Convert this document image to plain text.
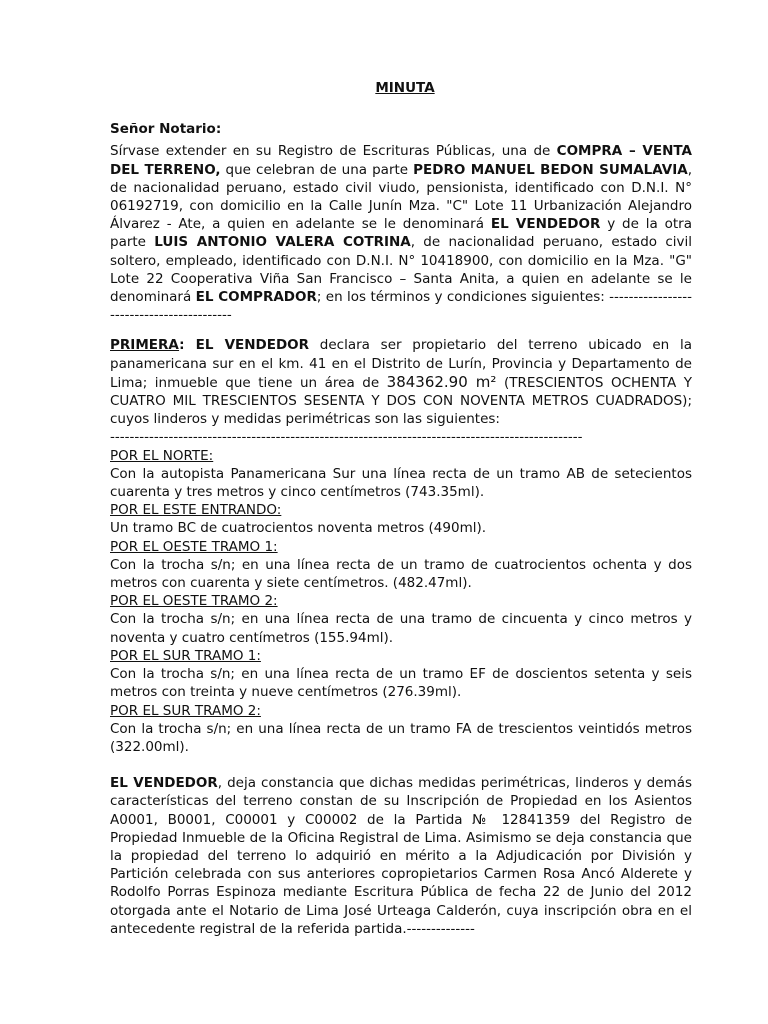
MINUTA
Señor Notario:

Sírvase extender en su Registro de Escrituras Públicas, una de COMPRA – VENTA DEL TERRENO, que celebran de una parte PEDRO MANUEL BEDON SUMALAVIA, de nacionalidad peruano, estado civil viudo, pensionista, identificado con D.N.I. N° 06192719, con domicilio en la Calle Junín Mza. "C" Lote 11 Urbanización Alejandro Álvarez - Ate, a quien en adelante se le denominará EL VENDEDOR y de la otra parte LUIS ANTONIO VALERA COTRINA, de nacionalidad peruano, estado civil soltero, empleado, identificado con D.N.I. N° 10418900, con domicilio en la Mza. "G" Lote 22 Cooperativa Viña San Francisco – Santa Anita, a quien en adelante se le denominará EL COMPRADOR; en los términos y condiciones siguientes: ------------------------------------------

PRIMERA: EL VENDEDOR declara ser propietario del terreno ubicado en la panamericana sur en el km. 41 en el Distrito de Lurín, Provincia y Departamento de Lima; inmueble que tiene un área de 384362.90 m² (TRESCIENTOS OCHENTA Y CUATRO MIL TRESCIENTOS SESENTA Y DOS CON NOVENTA METROS CUADRADOS); cuyos linderos y medidas perimétricas son las siguientes:

-------------------------------------------------------------------------------------------------
POR EL NORTE:

Con la autopista Panamericana Sur una línea recta de un tramo AB de setecientos cuarenta y tres metros y cinco centímetros (743.35ml).

POR EL ESTE ENTRANDO:

Un tramo BC de cuatrocientos noventa metros (490ml).

POR EL OESTE TRAMO 1:

Con la trocha s/n; en una línea recta de un tramo de cuatrocientos ochenta y dos metros con cuarenta y siete centímetros. (482.47ml).

POR EL OESTE TRAMO 2:

Con la trocha s/n; en una línea recta de una tramo de cincuenta y cinco metros y noventa y cuatro centímetros (155.94ml).

POR EL SUR TRAMO 1:

Con la trocha s/n; en una línea recta de un tramo EF de doscientos setenta y seis metros con treinta y nueve centímetros (276.39ml).

POR EL SUR TRAMO 2:

Con la trocha s/n; en una línea recta de un tramo FA de trescientos veintidós metros (322.00ml).

EL VENDEDOR, deja constancia que dichas medidas perimétricas, linderos y demás características del terreno constan de su Inscripción de Propiedad en los Asientos A0001, B0001, C00001 y C00002 de la Partida № 12841359 del Registro de Propiedad Inmueble de la Oficina Registral de Lima. Asimismo se deja constancia que la propiedad del terreno lo adquirió en mérito a la Adjudicación por División y Partición celebrada con sus anteriores copropietarios Carmen Rosa Ancó Alderete y Rodolfo Porras Espinoza mediante Escritura Pública de fecha 22 de Junio del 2012 otorgada ante el Notario de Lima José Urteaga Calderón, cuya inscripción obra en el antecedente registral de la referida partida.--------------
